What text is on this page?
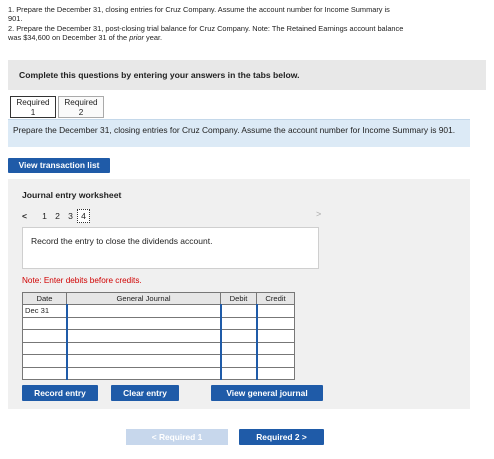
1. Prepare the December 31, closing entries for Cruz Company. Assume the account number for Income Summary is
901.
2. Prepare the December 31, post-closing trial balance for Cruz Company. Note: The Retained Earnings account balance
was $34,600 on December 31 of the prior year.
Complete this questions by entering your answers in the tabs below.
Required
1
Required
2
Prepare the December 31, closing entries for Cruz Company. Assume the account number for Income Summary is 901.
View transaction list
Journal entry worksheet
<	1 2 3 4	>
Record the entry to close the dividends account.
Note: Enter debits before credits.
Date	General Journal	Debit	Credit
Dec 31			

Record entry	Clear entry	View general journal
< Required 1	Required 2 >
